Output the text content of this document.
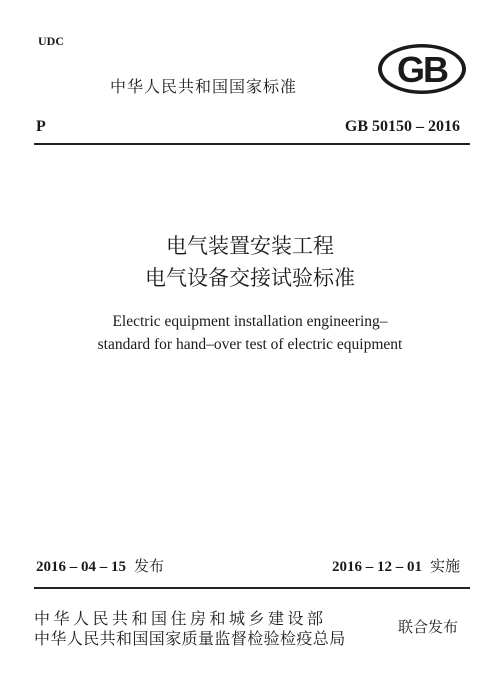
UDC
中华人民共和国国家标准	GB
P	GB 50150 – 2016
电气装置安装工程
电气设备交接试验标准
Electric equipment installation engineering–
standard for hand–over test of electric equipment
2016 – 04 – 15 发布	2016 – 12 – 01 实施
中华人民共和国住房和城乡建设部
中华人民共和国国家质量监督检验检疫总局
联合发布
